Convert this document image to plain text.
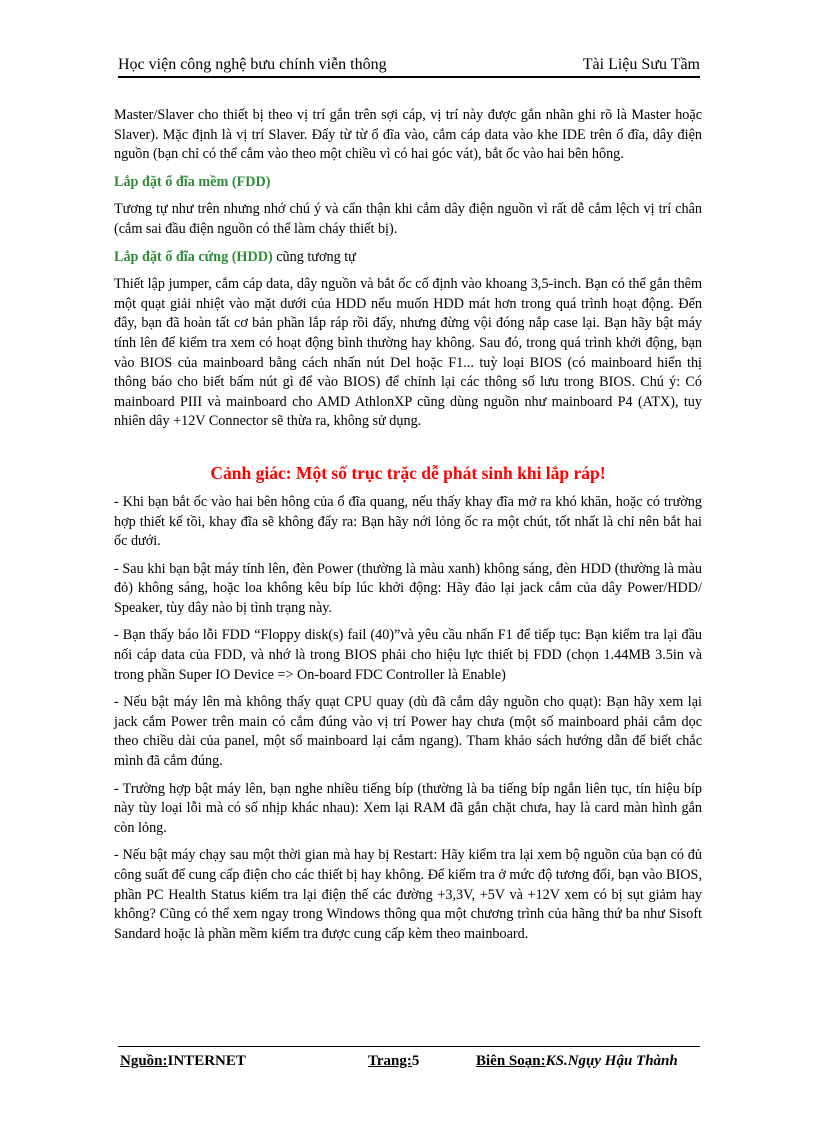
Học viện công nghệ bưu chính viễn thông	Tài Liệu Sưu Tầm

Master/Slaver cho thiết bị theo vị trí gắn trên sợi cáp, vị trí này được gắn nhãn ghi rõ là Master hoặc Slaver). Mặc định là vị trí Slaver. Đẩy từ từ ổ đĩa vào, cắm cáp data vào khe IDE trên ổ đĩa, dây điện nguồn (bạn chỉ có thể cắm vào theo một chiều vì có hai góc vát), bắt ốc vào hai bên hông.

Lắp đặt ổ đĩa mềm (FDD)

Tương tự như trên nhưng nhớ chú ý và cẩn thận khi cắm dây điện nguồn vì rất dễ cắm lệch vị trí chân (cắm sai đầu điện nguồn có thể làm cháy thiết bị).

Lắp đặt ổ đĩa cứng (HDD) cũng tương tự

Thiết lập jumper, cắm cáp data, dây nguồn và bắt ốc cố định vào khoang 3,5-inch. Bạn có thể gắn thêm một quạt giải nhiệt vào mặt dưới của HDD nếu muốn HDD mát hơn trong quá trình hoạt động. Đến đây, bạn đã hoàn tất cơ bản phần lắp ráp rồi đấy, nhưng đừng vội đóng nắp case lại. Bạn hãy bật máy tính lên để kiểm tra xem có hoạt động bình thường hay không. Sau đó, trong quá trình khởi động, bạn vào BIOS của mainboard bằng cách nhấn nút Del hoặc F1... tuỳ loại BIOS (có mainboard hiển thị thông báo cho biết bấm nút gì để vào BIOS) để chỉnh lại các thông số lưu trong BIOS. Chú ý: Có mainboard PIII và mainboard cho AMD AthlonXP cũng dùng nguồn như mainboard P4 (ATX), tuy nhiên dây +12V Connector sẽ thừa ra, không sử dụng.

Cảnh giác: Một số trục trặc dễ phát sinh khi lắp ráp!

- Khi bạn bắt ốc vào hai bên hông của ổ đĩa quang, nếu thấy khay đĩa mở ra khó khăn, hoặc có trường hợp thiết kế tồi, khay đĩa sẽ không đẩy ra: Bạn hãy nới lỏng ốc ra một chút, tốt nhất là chỉ nên bắt hai ốc dưới.

- Sau khi bạn bật máy tính lên, đèn Power (thường là màu xanh) không sáng, đèn HDD (thường là màu đỏ) không sáng, hoặc loa không kêu bíp lúc khởi động: Hãy đảo lại jack cắm của dây Power/HDD/ Speaker, tùy dây nào bị tình trạng này.

- Bạn thấy báo lỗi FDD “Floppy disk(s) fail (40)”và yêu cầu nhấn F1 để tiếp tục: Bạn kiểm tra lại đầu nối cáp data của FDD, và nhớ là trong BIOS phải cho hiệu lực thiết bị FDD (chọn 1.44MB 3.5in và trong phần Super IO Device => On-board FDC Controller là Enable)

- Nếu bật máy lên mà không thấy quạt CPU quay (dù đã cắm dây nguồn cho quạt): Bạn hãy xem lại jack cắm Power trên main có cắm đúng vào vị trí Power hay chưa (một số mainboard phải cắm dọc theo chiều dài của panel, một số mainboard lại cắm ngang). Tham khảo sách hướng dẫn để biết chắc mình đã cắm đúng.

- Trường hợp bật máy lên, bạn nghe nhiều tiếng bíp (thường là ba tiếng bíp ngắn liên tục, tín hiệu bíp này tùy loại lỗi mà có số nhịp khác nhau): Xem lại RAM đã gắn chặt chưa, hay là card màn hình gắn còn lỏng.

- Nếu bật máy chạy sau một thời gian mà hay bị Restart: Hãy kiểm tra lại xem bộ nguồn của bạn có đủ công suất để cung cấp điện cho các thiết bị hay không. Để kiểm tra ở mức độ tương đối, bạn vào BIOS, phần PC Health Status kiểm tra lại điện thế các đường +3,3V, +5V và +12V xem có bị sụt giảm hay không? Cũng có thể xem ngay trong Windows thông qua một chương trình của hãng thứ ba như Sisoft Sandard hoặc là phần mềm kiểm tra được cung cấp kèm theo mainboard.

Nguồn:INTERNET	Trang:5	Biên Soạn:KS.Ngụy Hậu Thành
